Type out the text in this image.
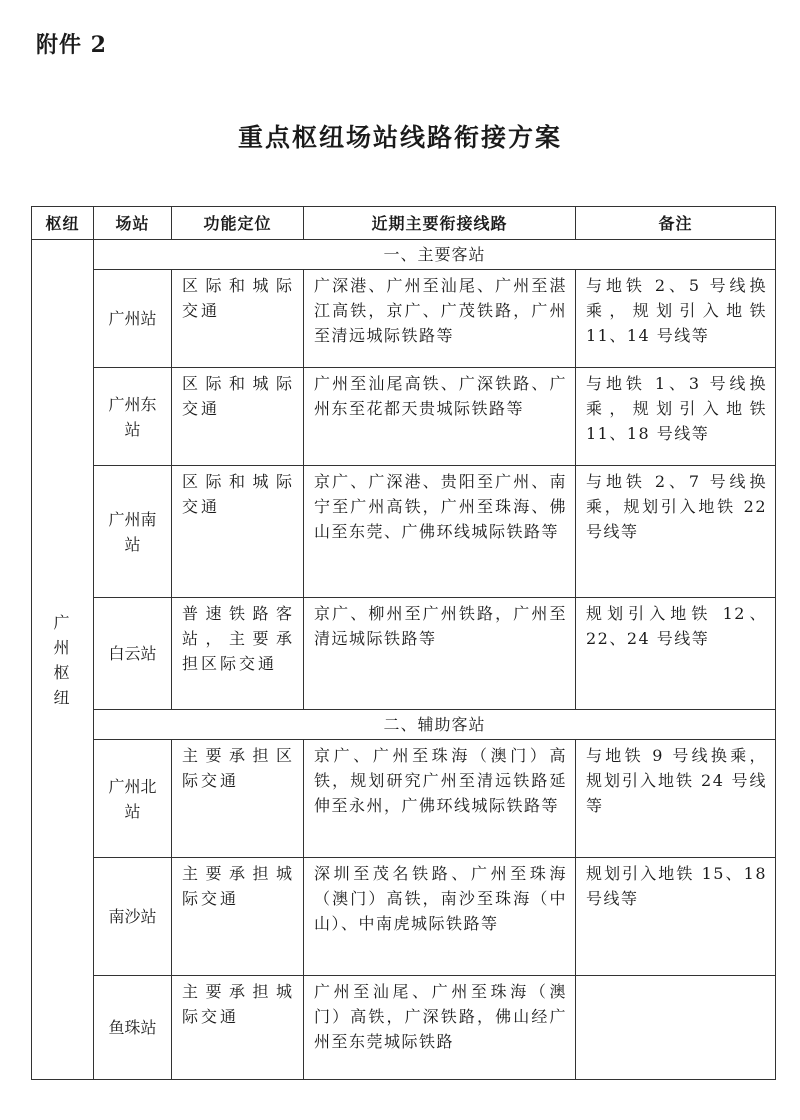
附件 2
重点枢纽场站线路衔接方案
枢纽	场站	功能定位	近期主要衔接线路	备注
广州枢纽	一、主要客站			
	广州站	区际和城际交通	广深港、广州至汕尾、广州至湛江高铁，京广、广茂铁路，广州至清远城际铁路等	与地铁 2、5 号线换乘，规划引入地铁 11、14 号线等
	广州东站	区际和城际交通	广州至汕尾高铁、广深铁路、广州东至花都天贵城际铁路等	与地铁 1、3 号线换乘，规划引入地铁 11、18 号线等
	广州南站	区际和城际交通	京广、广深港、贵阳至广州、南宁至广州高铁，广州至珠海、佛山至东莞、广佛环线城际铁路等	与地铁 2、7 号线换乘，规划引入地铁 22 号线等
	白云站	普速铁路客站，主要承担区际交通	京广、柳州至广州铁路，广州至清远城际铁路等	规划引入地铁 12、22、24 号线等
	二、辅助客站			
	广州北站	主要承担区际交通	京广、广州至珠海（澳门）高铁，规划研究广州至清远铁路延伸至永州，广佛环线城际铁路等	与地铁 9 号线换乘，规划引入地铁 24 号线等
	南沙站	主要承担城际交通	深圳至茂名铁路、广州至珠海（澳门）高铁，南沙至珠海（中山）、中南虎城际铁路等	规划引入地铁 15、18 号线等
	鱼珠站	主要承担城际交通	广州至汕尾、广州至珠海（澳门）高铁，广深铁路，佛山经广州至东莞城际铁路	
